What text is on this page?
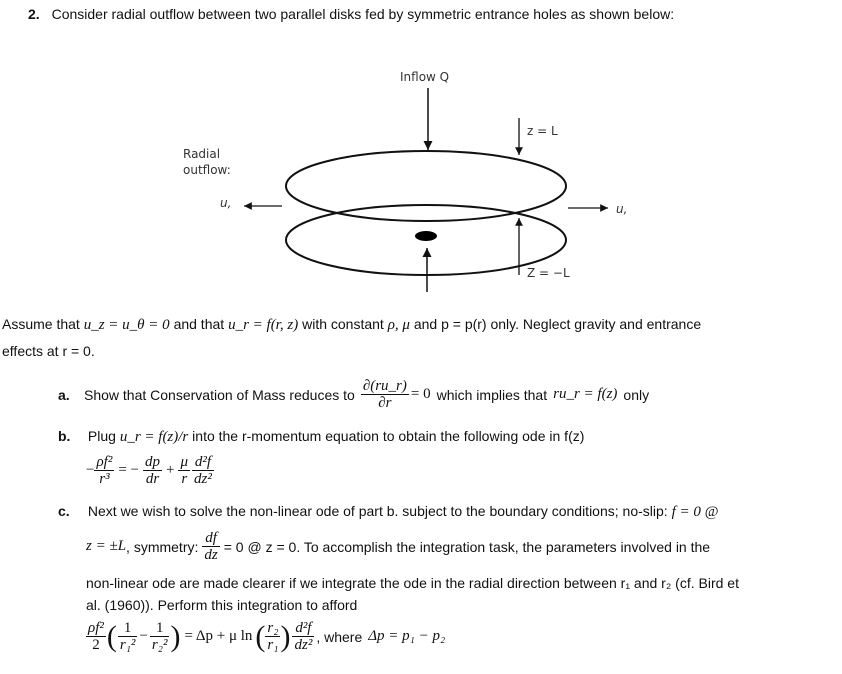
2. Consider radial outflow between two parallel disks fed by symmetric entrance holes as shown below:
Inflow Q
Radial
outflow:
u,	u,
z = L
Z = −L
Assume that u_z = u_θ = 0 and that u_r = f(r, z) with constant ρ, μ and p = p(r) only. Neglect gravity and entrance
effects at r = 0.
a.	Show that Conservation of Mass reduces to $\frac{\partial(ru\_r)}{\partial r} = 0$ which implies that ru_r = f(z) only
b. Plug u_r = f(z)/r into the r-momentum equation to obtain the following ode in f(z)
− $\frac{\text{ρf²}}{\text{r³}}$ = − $\frac{dp}{dr} + \frac{\mu}{r} \frac{\text{d²f}}{\text{dz²}}$
c. Next we wish to solve the non-linear ode of part b. subject to the boundary conditions; no-slip: f = 0 @
z = ±L , symmetry: $\frac{df}{dz} = 0$ @ z = 0. To accomplish the integration task, the parameters involved in the
non-linear ode are made clearer if we integrate the ode in the radial direction between r₁ and r₂ (cf. Bird et
al. (1960)). Perform this integration to afford
$\frac{\text{ρf²}}{2}$ ( $\frac{1}{\text{r₁²}} - \frac{1}{\text{r₂²}}$ ) = Δp + μ ln ( $\frac{\text{r₂}}{\text{r₁}}$ ) $\frac{\text{d²f}}{\text{dz²}}$ , where Δp = p₁ − p₂
